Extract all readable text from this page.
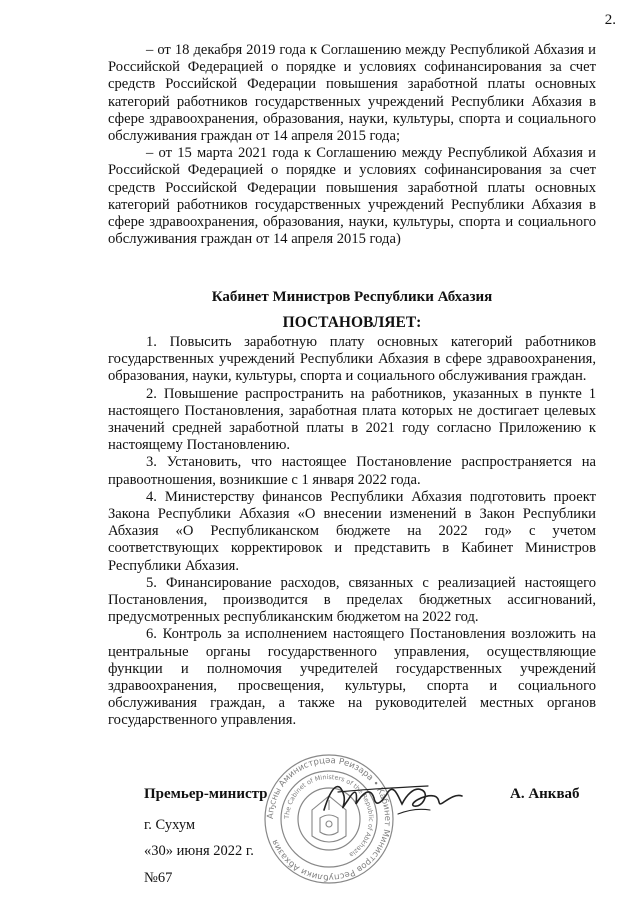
2.

– от 18 декабря 2019 года к Соглашению между Республикой Абхазия и Российской Федерацией о порядке и условиях софинансирования за счет средств Российской Федерации повышения заработной платы основных категорий работников государственных учреждений Республики Абхазия в сфере здравоохранения, образования, науки, культуры, спорта и социального обслуживания граждан от 14 апреля 2015 года;

– от 15 марта 2021 года к Соглашению между Республикой Абхазия и Российской Федерацией о порядке и условиях софинансирования за счет средств Российской Федерации повышения заработной платы основных категорий работников государственных учреждений Республики Абхазия в сфере здравоохранения, образования, науки, культуры, спорта и социального обслуживания граждан от 14 апреля 2015 года)

Кабинет Министров Республики Абхазия
ПОСТАНОВЛЯЕТ:

1. Повысить заработную плату основных категорий работников государственных учреждений Республики Абхазия в сфере здравоохранения, образования, науки, культуры, спорта и социального обслуживания граждан.

2. Повышение распространить на работников, указанных в пункте 1 настоящего Постановления, заработная плата которых не достигает целевых значений средней заработной платы в 2021 году согласно Приложению к настоящему Постановлению.

3. Установить, что настоящее Постановление распространяется на правоотношения, возникшие с 1 января 2022 года.

4. Министерству финансов Республики Абхазия подготовить проект Закона Республики Абхазия «О внесении изменений в Закон Республики Абхазия «О Республиканском бюджете на 2022 год» с учетом соответствующих корректировок и представить в Кабинет Министров Республики Абхазия.

5. Финансирование расходов, связанных с реализацией настоящего Постановления, производится в пределах бюджетных ассигнований, предусмотренных республиканским бюджетом на 2022 год.

6. Контроль за исполнением настоящего Постановления возложить на центральные органы государственного управления, осуществляющие функции и полномочия учредителей государственных учреждений здравоохранения, просвещения, культуры, спорта и социального обслуживания граждан, а также на руководителей местных органов государственного управления.

Аҧсны Аминистрцәа Реизара • Кабинет Министров Республики Абхазия
The Cabinet of Ministers of the Republic of Abkhazia
Премьер-министр	А. Анкваб
г. Сухум
«30» июня 2022 г.
№67
